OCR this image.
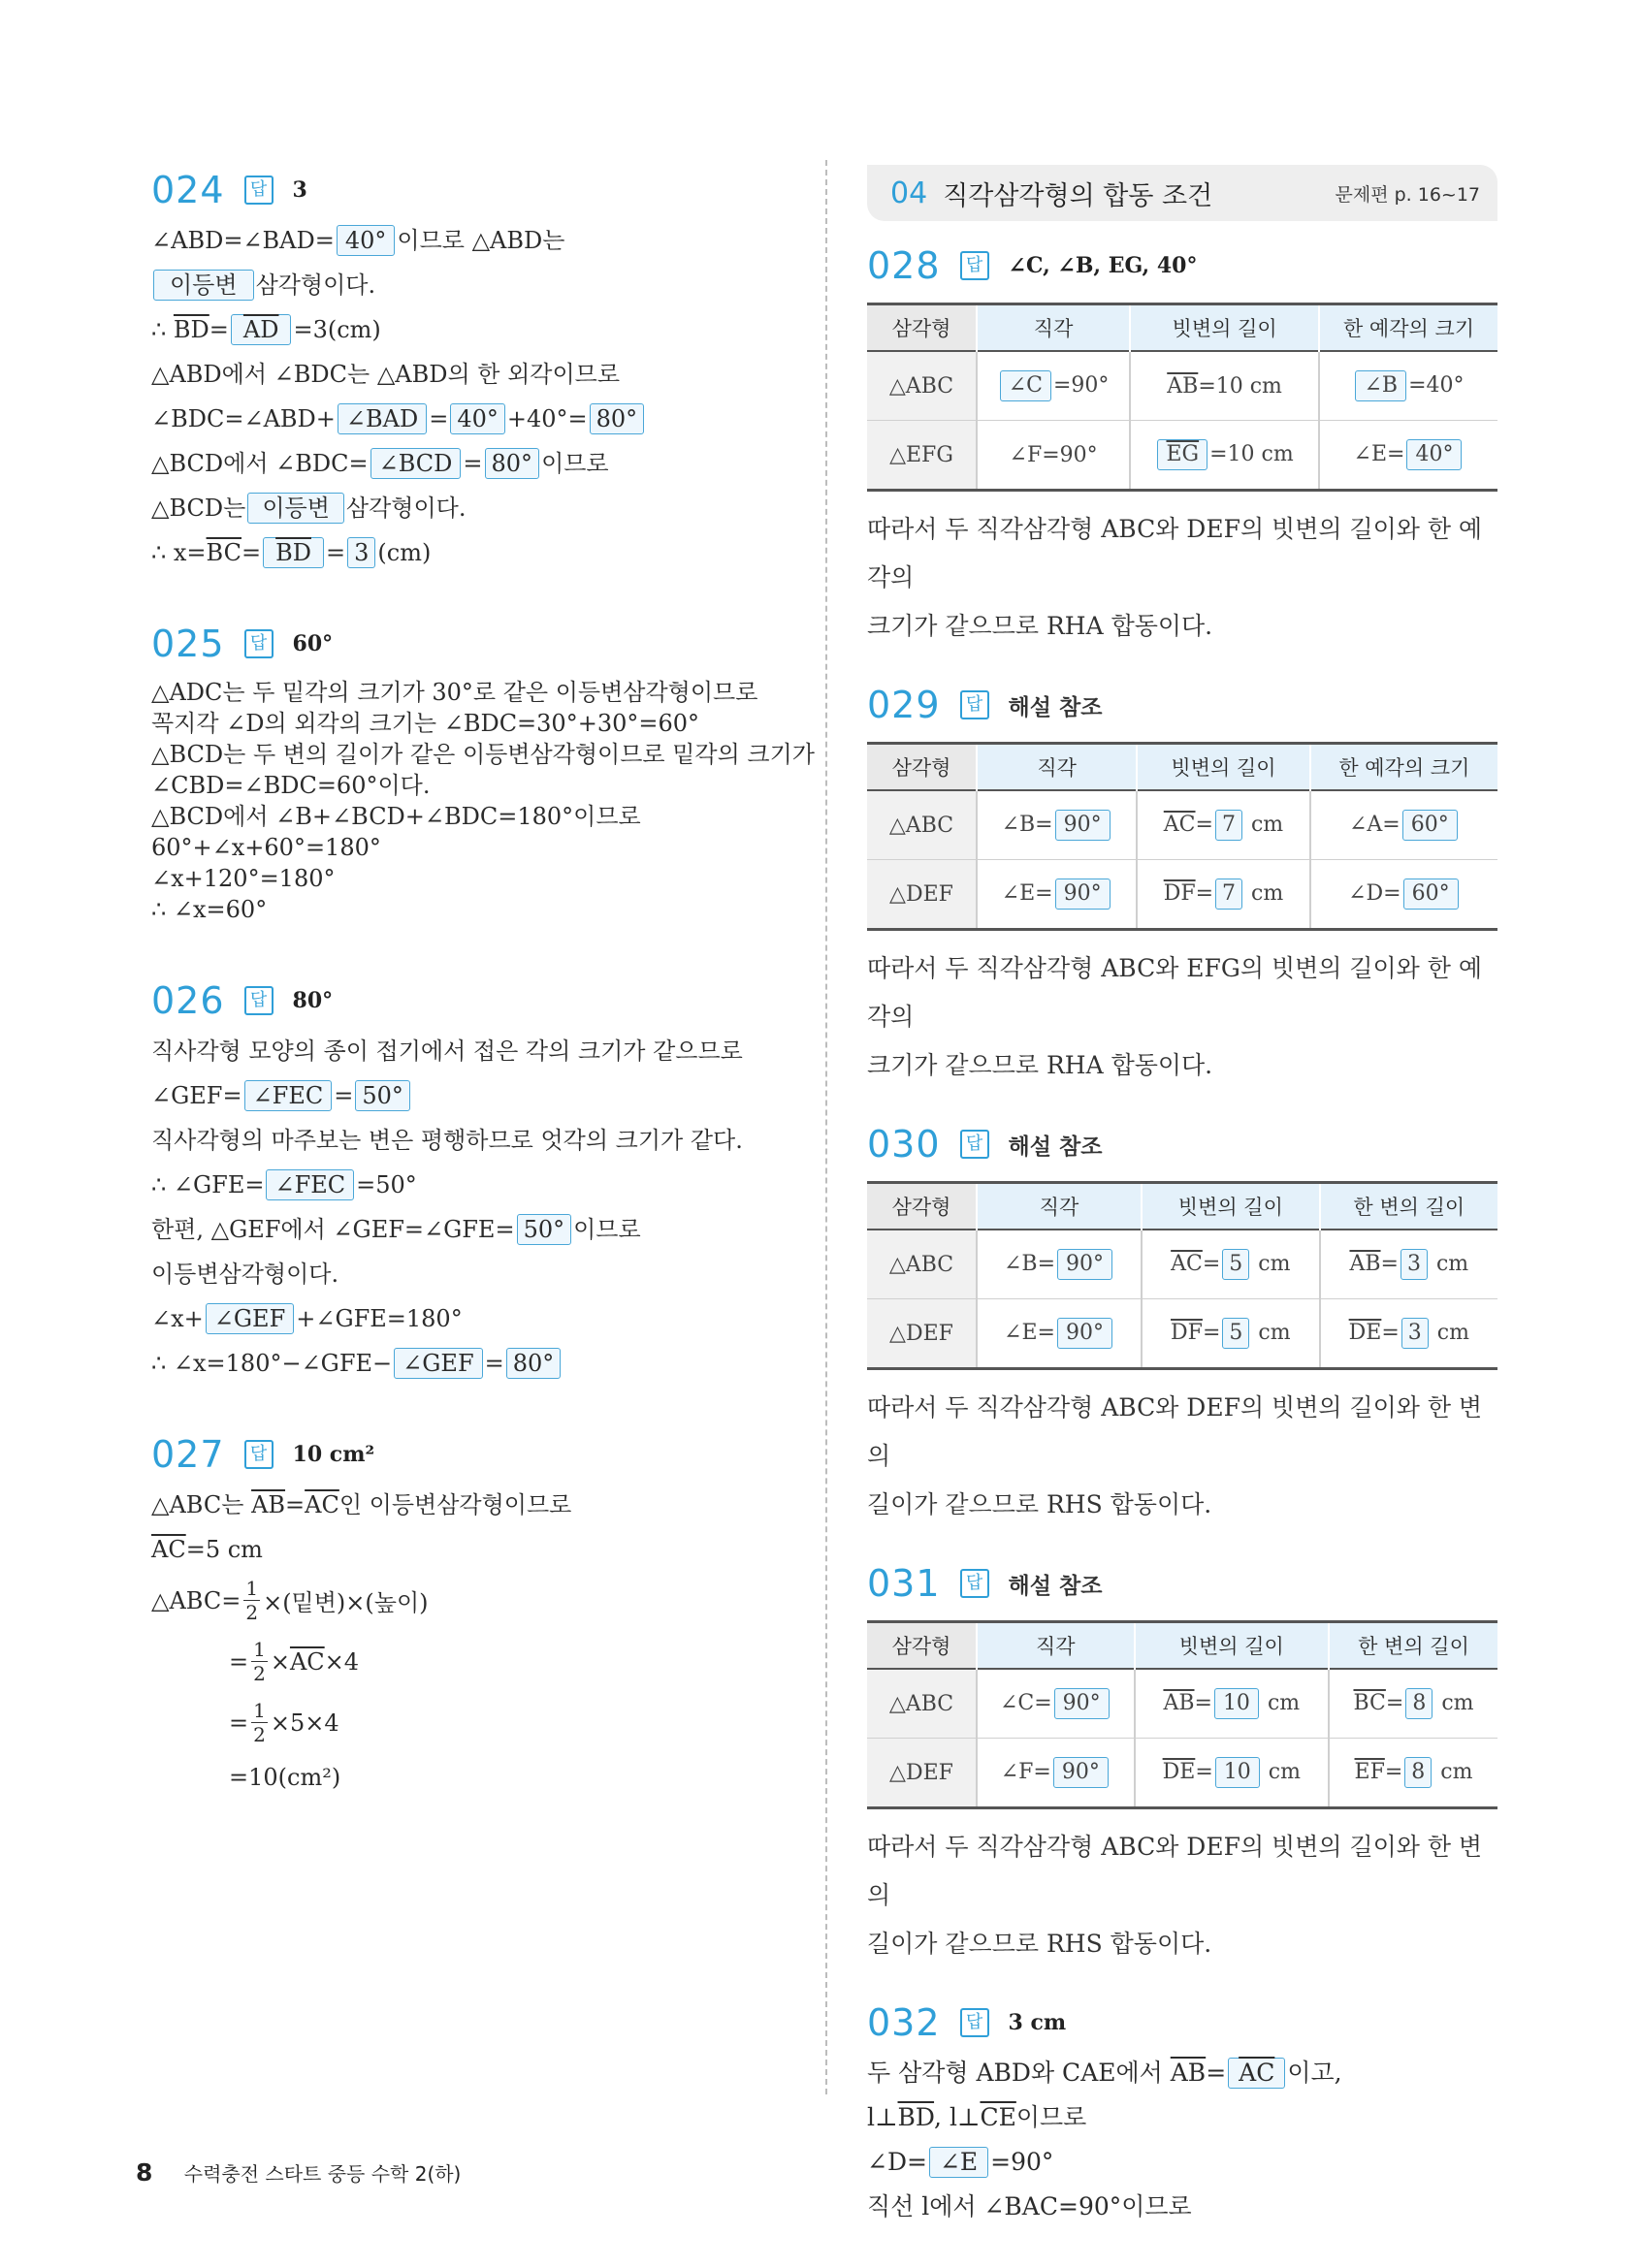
024	답 3
∠ABD=∠BAD= 40° 이므로 △ABD는
이등변 삼각형이다.
∴ $\overline{BD}= \overline{AD} =3(cm)$
△ABD에서 ∠BDC는 △ABD의 한 외각이므로
∠BDC=∠ABD+ ∠BAD = 40° +40°= 80°
△BCD에서 ∠BDC= ∠BCD = 80° 이므로
△BCD는 이등변 삼각형이다.
∴ $x=\overline{BC}= \overline{BD} = 3$ (cm)
025	답 60°
△ADC는 두 밑각의 크기가 30°로 같은 이등변삼각형이므로
꼭지각 ∠D의 외각의 크기는 ∠BDC=30°+30°=60°
△BCD는 두 변의 길이가 같은 이등변삼각형이므로 밑각의 크기가
∠CBD=∠BDC=60°이다.
△BCD에서 ∠B+∠BCD+∠BDC=180°이므로
60°+∠x+60°=180°
∠x+120°=180°
∴ ∠x=60°
026	답 80°
직사각형 모양의 종이 접기에서 접은 각의 크기가 같으므로
∠GEF= ∠FEC = 50°
직사각형의 마주보는 변은 평행하므로 엇각의 크기가 같다.
∴ ∠GFE= ∠FEC =50°
한편, △GEF에서 ∠GEF=∠GFE= 50° 이므로
이등변삼각형이다.
∠x+ ∠GEF +∠GFE=180°
∴ ∠x=180°−∠GFE− ∠GEF = 80°
027	답 10 cm²
△ABC는 $\overline{AB}=\overline{AC}$인 이등변삼각형이므로
$\overline{AC}=5$ cm
△ABC= $\frac{1}{2}$ ×(밑변)×(높이)
= $\frac{1}{2} \times \overline{AC} \times 4$
= $\frac{1}{2} \times 5\times 4$
=10(cm²)
04 직각삼각형의 합동 조건	문제편 p. 16~17
028	답 ∠C, ∠B, EG, 40°
삼각형	직각	빗변의 길이	한 예각의 크기
△ABC	∠C =90°	$\overline{AB}=10$ cm	∠B =40°
△EFG	∠F=90°	$\overline{EG} =10$ cm	∠E= 40°
따라서 두 직각삼각형 ABC와 DEF의 빗변의 길이와 한 예각의
크기가 같으므로 RHA 합동이다.
029	답 해설 참조
삼각형	직각	빗변의 길이	한 예각의 크기
△ABC	∠B= 90°	$\overline{AC}= 7$ cm	∠A= 60°
△DEF	∠E= 90°	$\overline{DF}= 7$ cm	∠D= 60°
따라서 두 직각삼각형 ABC와 EFG의 빗변의 길이와 한 예각의
크기가 같으므로 RHA 합동이다.
030	답 해설 참조
삼각형	직각	빗변의 길이	한 변의 길이
△ABC	∠B= 90°	$\overline{AC}= 5$ cm	$\overline{AB}= 3$ cm
△DEF	∠E= 90°	$\overline{DF}= 5$ cm	$\overline{DE}= 3$ cm
따라서 두 직각삼각형 ABC와 DEF의 빗변의 길이와 한 변의
길이가 같으므로 RHS 합동이다.
031	답 해설 참조
삼각형	직각	빗변의 길이	한 변의 길이
△ABC	∠C= 90°	$\overline{AB}= 10$ cm	$\overline{BC}= 8$ cm
△DEF	∠F= 90°	$\overline{DE}= 10$ cm	$\overline{EF}= 8$ cm
따라서 두 직각삼각형 ABC와 DEF의 빗변의 길이와 한 변의
길이가 같으므로 RHS 합동이다.
032	답 3 cm
두 삼각형 ABD와 CAE에서 $\overline{AB}= \overline{AC}$ 이고,
$l\perp\overline{BD}$, $l\perp\overline{CE}$이므로
∠D= ∠E =90°
직선 l에서 ∠BAC=90°이므로
8 수력충전 스타트 중등 수학 2(하)
